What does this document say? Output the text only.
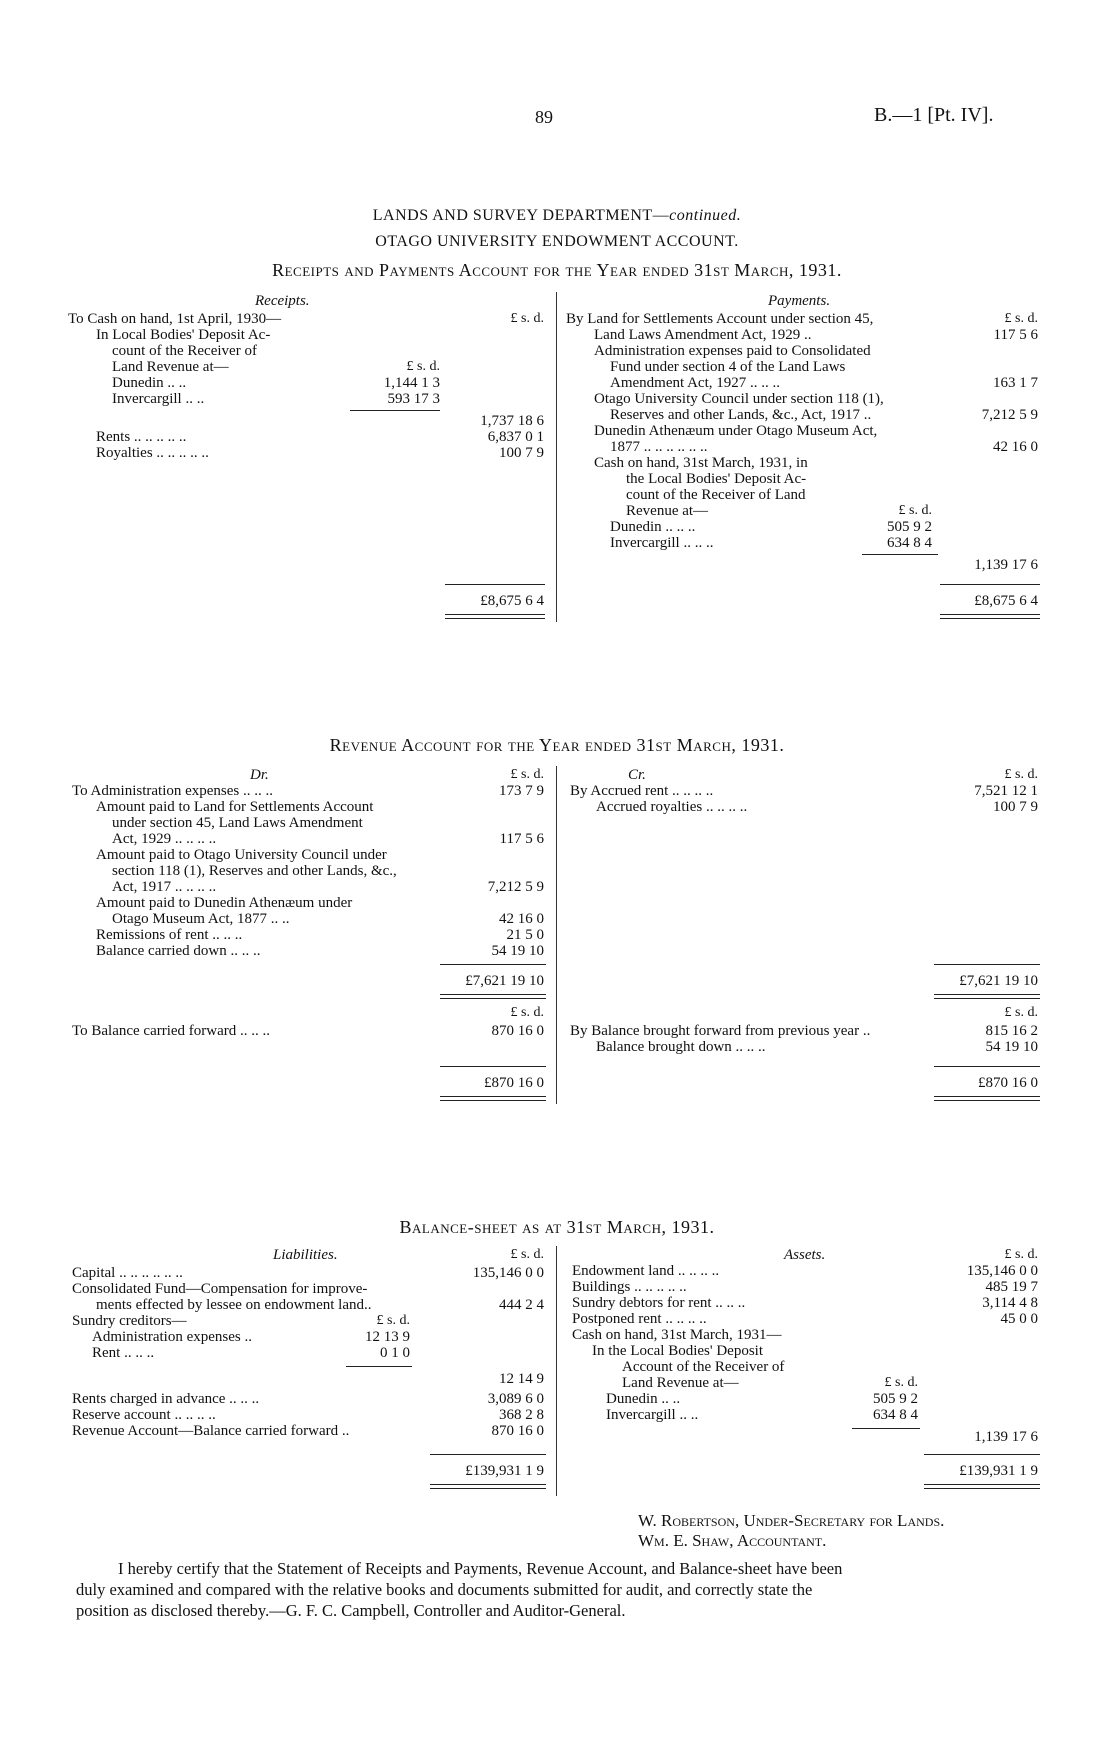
89	B.—1 [Pt. IV].
LANDS AND SURVEY DEPARTMENT—continued.
OTAGO UNIVERSITY ENDOWMENT ACCOUNT.
Receipts and Payments Account for the Year ended 31st March, 1931.
Receipts.
£ s. d.
To Cash on hand, 1st April, 1930—
In Local Bodies' Deposit Ac-
count of the Receiver of
Land Revenue at—	£ s. d.
Dunedin .. ..	1,144 1 3
Invercargill .. ..	593 17 3
1,737 18 6
Rents .. .. .. .. ..	6,837 0 1
Royalties .. .. .. .. ..	100 7 9
£8,675 6 4
Payments.
£ s. d.
By Land for Settlements Account under section 45,
Land Laws Amendment Act, 1929 ..	117 5 6
Administration expenses paid to Consolidated
Fund under section 4 of the Land Laws
Amendment Act, 1927 .. .. ..	163 1 7
Otago University Council under section 118 (1),
Reserves and other Lands, &c., Act, 1917 ..	7,212 5 9
Dunedin Athenæum under Otago Museum Act,
1877 .. .. .. .. .. ..	42 16 0
Cash on hand, 31st March, 1931, in
the Local Bodies' Deposit Ac-
count of the Receiver of Land
Revenue at—	£ s. d.
Dunedin .. .. ..	505 9 2
Invercargill .. .. ..	634 8 4
1,139 17 6
£8,675 6 4
Revenue Account for the Year ended 31st March, 1931.
Dr.	£ s. d.
To Administration expenses .. .. ..	173 7 9
Amount paid to Land for Settlements Account
under section 45, Land Laws Amendment
Act, 1929 .. .. .. ..	117 5 6
Amount paid to Otago University Council under
section 118 (1), Reserves and other Lands, &c.,
Act, 1917 .. .. .. ..	7,212 5 9
Amount paid to Dunedin Athenæum under
Otago Museum Act, 1877 .. ..	42 16 0
Remissions of rent .. .. ..	21 5 0
Balance carried down .. .. ..	54 19 10
£7,621 19 10
£ s. d.
To Balance carried forward .. .. ..	870 16 0
£870 16 0
Cr.	£ s. d.
By Accrued rent .. .. .. ..	7,521 12 1
Accrued royalties .. .. .. ..	100 7 9
£7,621 19 10
£ s. d.
By Balance brought forward from previous year ..	815 16 2
Balance brought down .. .. ..	54 19 10
£870 16 0
Balance-sheet as at 31st March, 1931.
Liabilities.	£ s. d.
Capital .. .. .. .. .. ..	135,146 0 0
Consolidated Fund—Compensation for improve-
ments effected by lessee on endowment land..	444 2 4
Sundry creditors—	£ s. d.
Administration expenses ..	12 13 9
Rent .. .. ..	0 1 0
12 14 9
Rents charged in advance .. .. ..	3,089 6 0
Reserve account .. .. .. ..	368 2 8
Revenue Account—Balance carried forward ..	870 16 0
£139,931 1 9
Assets.	£ s. d.
Endowment land .. .. .. ..	135,146 0 0
Buildings .. .. .. .. ..	485 19 7
Sundry debtors for rent .. .. ..	3,114 4 8
Postponed rent .. .. .. ..	45 0 0
Cash on hand, 31st March, 1931—
In the Local Bodies' Deposit
Account of the Receiver of
Land Revenue at—	£ s. d.
Dunedin .. ..	505 9 2
Invercargill .. ..	634 8 4
1,139 17 6
£139,931 1 9
W. Robertson, Under-Secretary for Lands.
Wm. E. Shaw, Accountant.
I hereby certify that the Statement of Receipts and Payments, Revenue Account, and Balance-sheet have been
duly examined and compared with the relative books and documents submitted for audit, and correctly state the
position as disclosed thereby.—G. F. C. Campbell, Controller and Auditor-General.
